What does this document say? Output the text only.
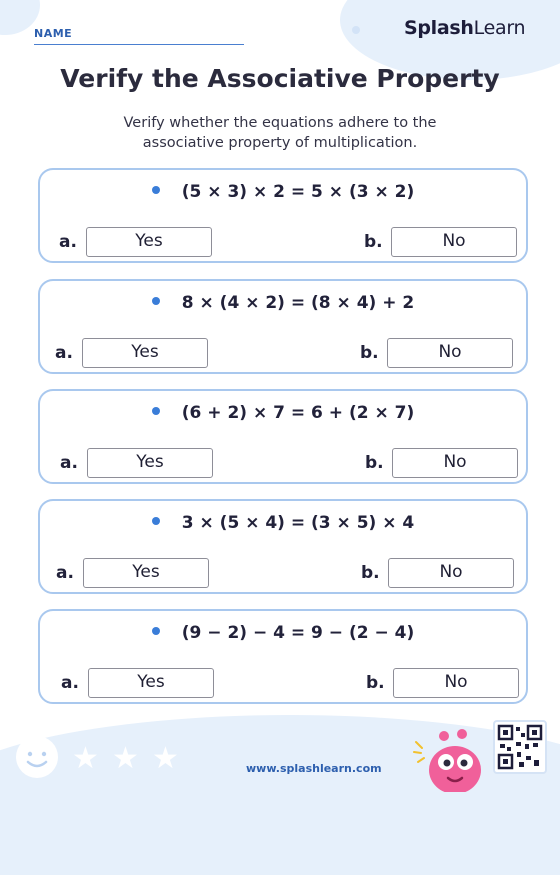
NAME	SplashLearn
Verify the Associative Property
Verify whether the equations adhere to the associative property of multiplication.
(5 × 3) × 2 = 5 × (3 × 2)
a.	Yes	b.	No
8 × (4 × 2) = (8 × 4) + 2
a.	Yes	b.	No
(6 + 2) × 7 = 6 + (2 × 7)
a.	Yes	b.	No
3 × (5 × 4) = (3 × 5) × 4
a.	Yes	b.	No
(9 − 2) − 4 = 9 − (2 − 4)
a.	Yes	b.	No
★ ★ ★	www.splashlearn.com
